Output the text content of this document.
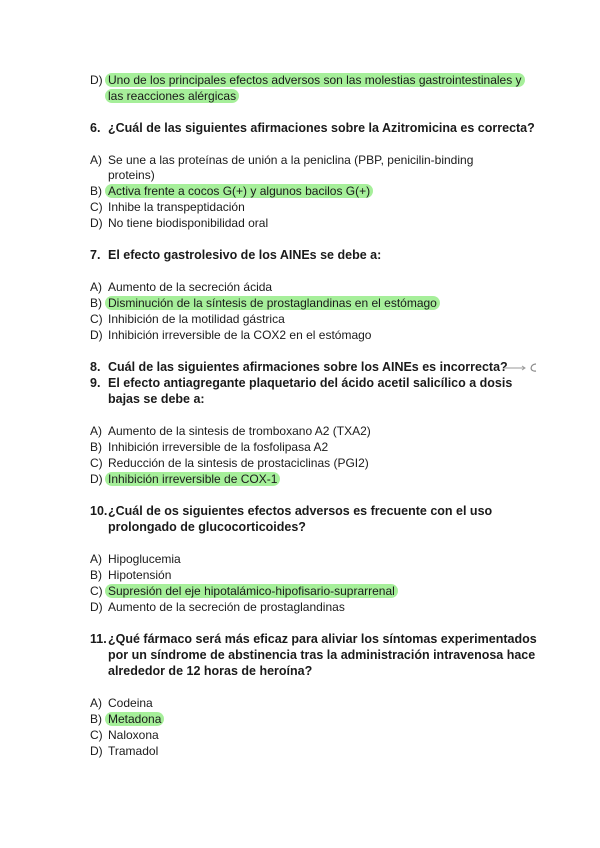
D) Uno de los principales efectos adversos son las molestias gastrointestinales y
las reacciones alérgicas
6. ¿Cuál de las siguientes afirmaciones sobre la Azitromicina es correcta?
A) Se une a las proteínas de unión a la peniclina (PBP, penicilin-binding
proteins)
B) Activa frente a cocos G(+) y algunos bacilos G(+)
C) Inhibe la transpeptidación
D) No tiene biodisponibilidad oral
7. El efecto gastrolesivo de los AINEs se debe a:
A) Aumento de la secreción ácida
B) Disminución de la síntesis de prostaglandinas en el estómago
C) Inhibición de la motilidad gástrica
D) Inhibición irreversible de la COX2 en el estómago
8. Cuál de las siguientes afirmaciones sobre los AINEs es incorrecta?
9. El efecto antiagregante plaquetario del ácido acetil salicílico a dosis
bajas se debe a:
A) Aumento de la sintesis de tromboxano A2 (TXA2)
B) Inhibición irreversible de la fosfolipasa A2
C) Reducción de la sintesis de prostaciclinas (PGI2)
D) Inhibición irreversible de COX-1
10. ¿Cuál de os siguientes efectos adversos es frecuente con el uso
prolongado de glucocorticoides?
A) Hipoglucemia
B) Hipotensión
C) Supresión del eje hipotalámico-hipofisario-suprarrenal
D) Aumento de la secreción de prostaglandinas
11. ¿Qué fármaco será más eficaz para aliviar los síntomas experimentados
por un síndrome de abstinencia tras la administración intravenosa hace
alrededor de 12 horas de heroína?
A) Codeina
B) Metadona
C) Naloxona
D) Tramadol
